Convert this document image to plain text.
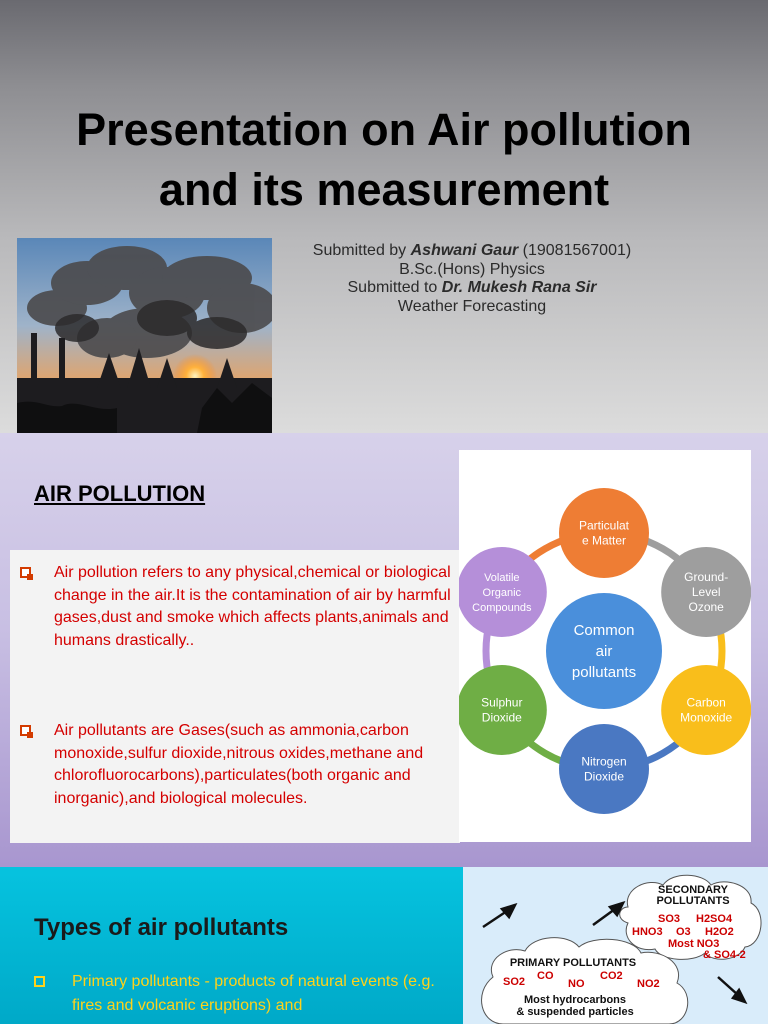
Presentation on Air pollution
and its measurement
Submitted by Ashwani Gaur (19081567001)
B.Sc.(Hons) Physics
Submitted to Dr. Mukesh Rana Sir
Weather Forecasting
AIR POLLUTION
Air pollution refers to any physical,chemical or biological change in the air.It is the contamination of air by harmful gases,dust and smoke which affects plants,animals and humans drastically..
Air pollutants are Gases(such as ammonia,carbon monoxide,sulfur dioxide,nitrous oxides,methane and chlorofluorocarbons),particulates(both organic and inorganic),and biological molecules.
Common
air
pollutants
Particulat
e Matter
Ground-
Level
Ozone
Carbon
Monoxide
Nitrogen
Dioxide
Sulphur
Dioxide
Volatile
Organic
Compounds
Types of air pollutants
Primary pollutants - products of natural events (e.g. fires and volcanic eruptions) and
SECONDARY
POLLUTANTS
SO3 H2SO4
HNO3 O3 H2O2
Most NO3
& SO4-2
PRIMARY POLLUTANTS
SO2 CO
NO
CO2
NO2
Most hydrocarbons
& suspended particles
